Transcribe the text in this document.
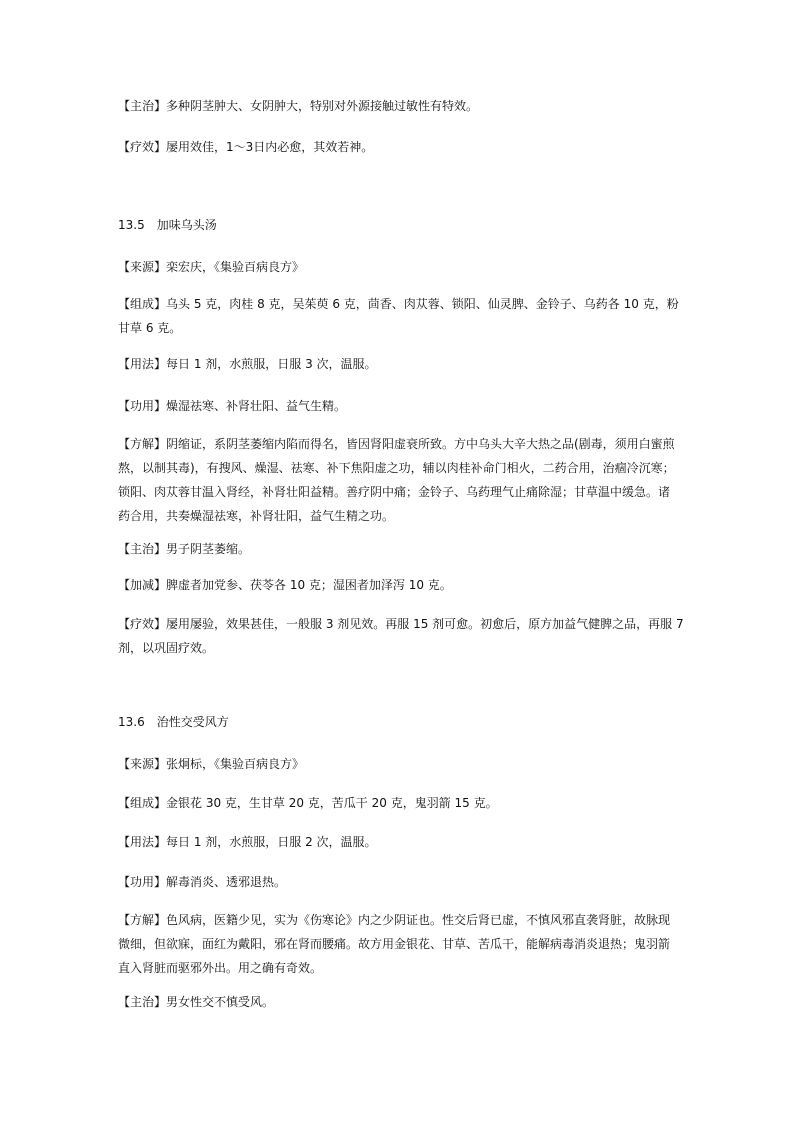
【主治】多种阴茎肿大、女阴肿大，特别对外源接触过敏性有特效。
【疗效】屡用效佳，1～3日内必愈，其效若神。
13.5　加味乌头汤
【来源】栾宏庆，《集验百病良方》
【组成】乌头 5 克，肉桂 8 克，吴茱萸 6 克，茴香、肉苁蓉、锁阳、仙灵脾、金铃子、乌药各 10 克，粉
甘草 6 克。
【用法】每日 1 剂，水煎服，日服 3 次，温服。
【功用】燥湿祛寒、补肾壮阳、益气生精。
【方解】阴缩证，系阴茎萎缩内陷而得名，皆因肾阳虚衰所致。方中乌头大辛大热之品(剧毒，须用白蜜煎
熬，以制其毒)，有搜风、燥湿、祛寒、补下焦阳虚之功，辅以肉桂补命门相火，二药合用，治痼冷沉寒；
锁阳、肉苁蓉甘温入肾经，补肾壮阳益精。善疗阴中痛；金铃子、乌药理气止痛除湿；甘草温中缓急。诸
药合用，共奏燥湿祛寒，补肾壮阳，益气生精之功。
【主治】男子阴茎萎缩。
【加减】脾虚者加党参、茯苓各 10 克；湿困者加泽泻 10 克。
【疗效】屡用屡验，效果甚佳，一般服 3 剂见效。再服 15 剂可愈。初愈后，原方加益气健脾之品，再服 7
剂，以巩固疗效。
13.6　治性交受风方
【来源】张炯标，《集验百病良方》
【组成】金银花 30 克，生甘草 20 克，苦瓜干 20 克，鬼羽箭 15 克。
【用法】每日 1 剂，水煎服，日服 2 次，温服。
【功用】解毒消炎、透邪退热。
【方解】色风病，医籍少见，实为《伤寒论》内之少阴证也。性交后肾已虚，不慎风邪直袭肾脏，故脉现
微细，但欲寐，面红为戴阳，邪在肾而腰痛。故方用金银花、甘草、苦瓜干，能解病毒消炎退热；鬼羽箭
直入肾脏而驱邪外出。用之确有奇效。
【主治】男女性交不慎受风。
